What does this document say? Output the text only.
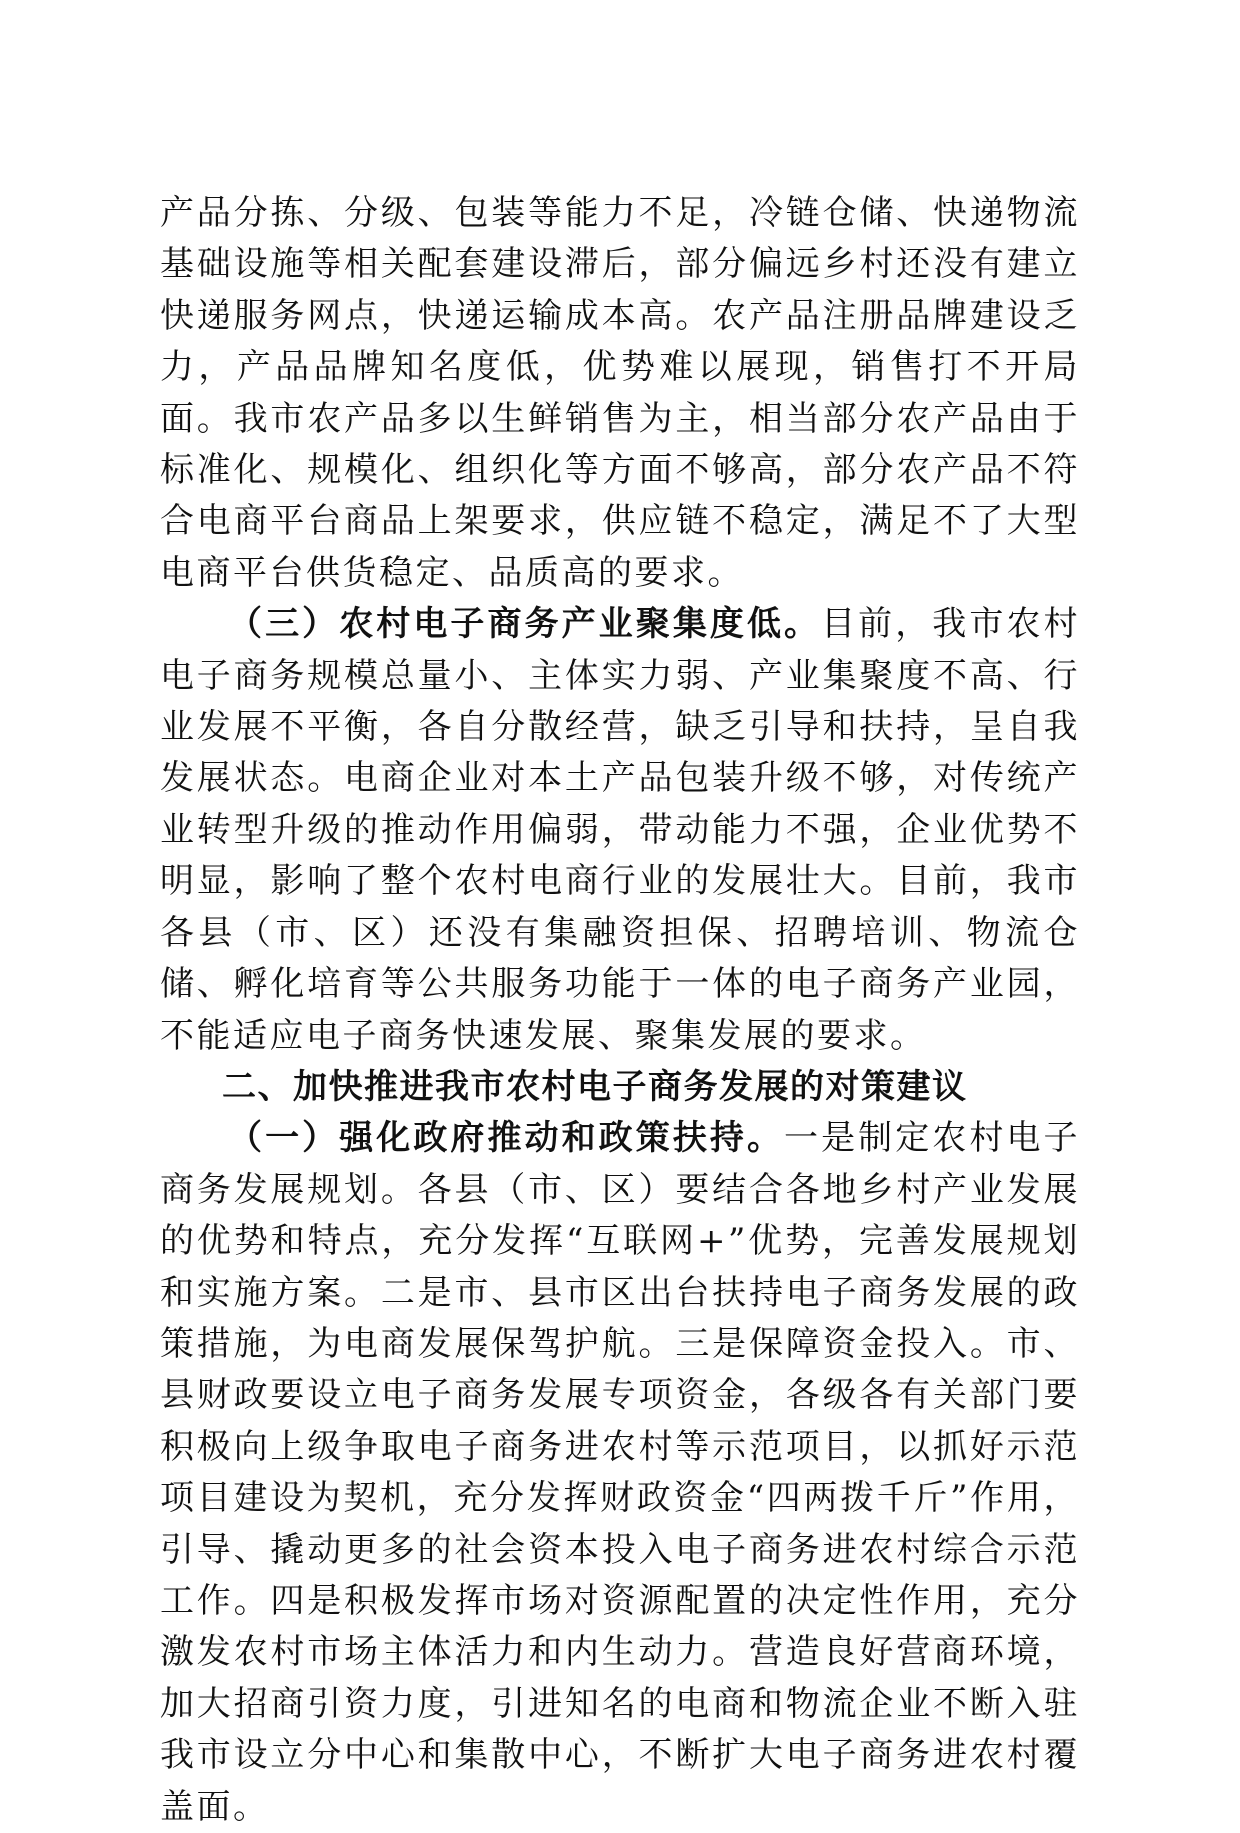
产品分拣、分级、包装等能力不足，冷链仓储、快递物流基础设施等相关配套建设滞后，部分偏远乡村还没有建立快递服务网点，快递运输成本高。农产品注册品牌建设乏力，产品品牌知名度低，优势难以展现，销售打不开局面。我市农产品多以生鲜销售为主，相当部分农产品由于标准化、规模化、组织化等方面不够高，部分农产品不符合电商平台商品上架要求，供应链不稳定，满足不了大型电商平台供货稳定、品质高的要求。

（三）农村电子商务产业聚集度低。目前，我市农村电子商务规模总量小、主体实力弱、产业集聚度不高、行业发展不平衡，各自分散经营，缺乏引导和扶持，呈自我发展状态。电商企业对本土产品包装升级不够，对传统产业转型升级的推动作用偏弱，带动能力不强，企业优势不明显，影响了整个农村电商行业的发展壮大。目前，我市各县（市、区）还没有集融资担保、招聘培训、物流仓储、孵化培育等公共服务功能于一体的电子商务产业园，不能适应电子商务快速发展、聚集发展的要求。

二、加快推进我市农村电子商务发展的对策建议

（一）强化政府推动和政策扶持。一是制定农村电子商务发展规划。各县（市、区）要结合各地乡村产业发展的优势和特点，充分发挥“互联网+”优势，完善发展规划和实施方案。二是市、县市区出台扶持电子商务发展的政策措施，为电商发展保驾护航。三是保障资金投入。市、县财政要设立电子商务发展专项资金，各级各有关部门要积极向上级争取电子商务进农村等示范项目，以抓好示范项目建设为契机，充分发挥财政资金“四两拨千斤”作用，引导、撬动更多的社会资本投入电子商务进农村综合示范工作。四是积极发挥市场对资源配置的决定性作用，充分激发农村市场主体活力和内生动力。营造良好营商环境，加大招商引资力度，引进知名的电商和物流企业不断入驻我市设立分中心和集散中心，不断扩大电子商务进农村覆盖面。
